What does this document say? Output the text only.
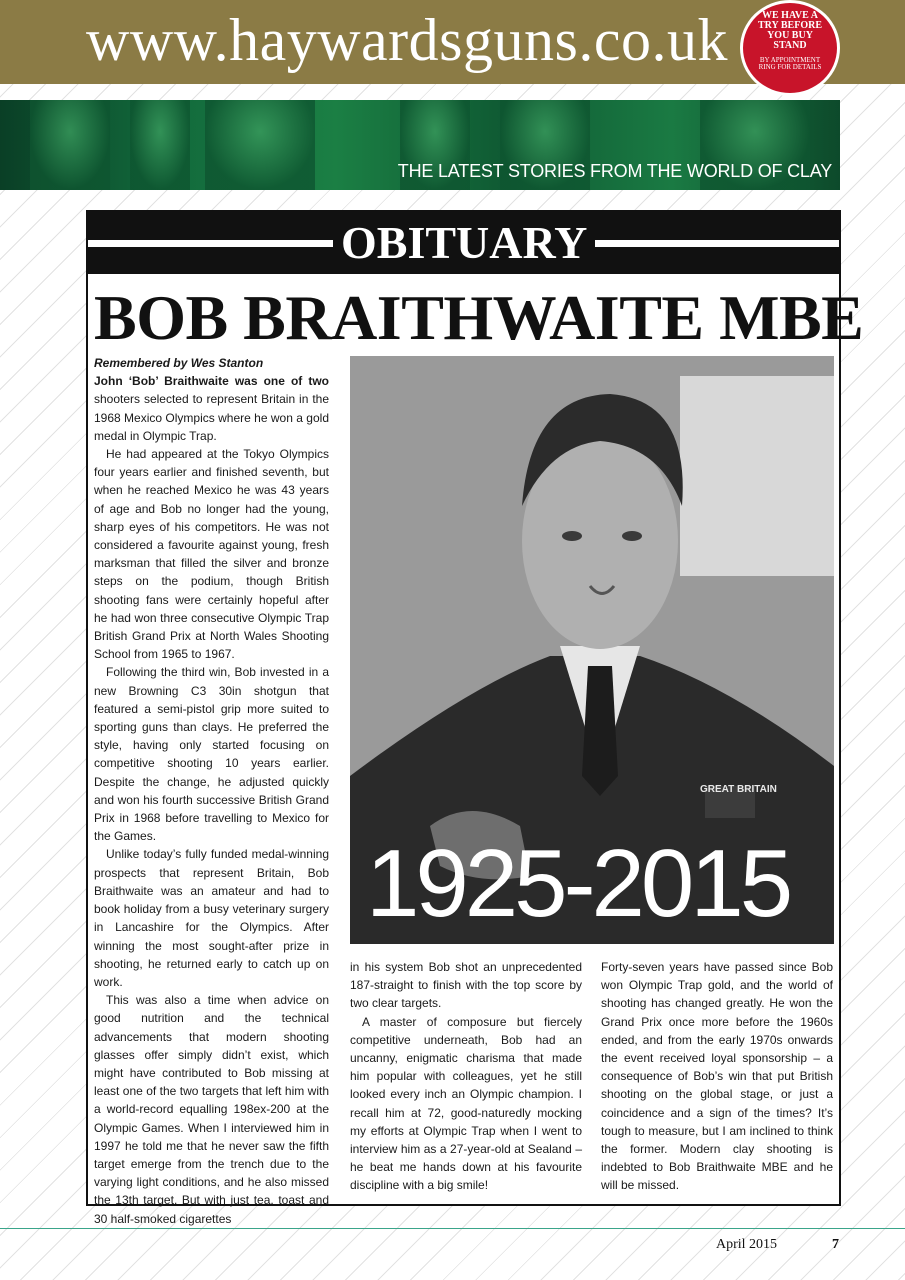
www.haywardsguns.co.uk	WE HAVE A TRY BEFORE YOU BUY STAND
BY APPOINTMENT RING FOR DETAILS
THE LATEST STORIES FROM THE WORLD OF CLAY
OBITUARY
BOB BRAITHWAITE MBE

Remembered by Wes Stanton
John ‘Bob’ Braithwaite was one of two shooters selected to represent Britain in the 1968 Mexico Olympics where he won a gold medal in Olympic Trap.

He had appeared at the Tokyo Olympics four years earlier and finished seventh, but when he reached Mexico he was 43 years of age and Bob no longer had the young, sharp eyes of his competitors. He was not considered a favourite against young, fresh marksman that filled the silver and bronze steps on the podium, though British shooting fans were certainly hopeful after he had won three consecutive Olympic Trap British Grand Prix at North Wales Shooting School from 1965 to 1967.

Following the third win, Bob invested in a new Browning C3 30in shotgun that featured a semi-pistol grip more suited to sporting guns than clays. He preferred the style, having only started focusing on competitive shooting 10 years earlier. Despite the change, he adjusted quickly and won his fourth successive British Grand Prix in 1968 before travelling to Mexico for the Games.

Unlike today’s fully funded medal-winning prospects that represent Britain, Bob Braithwaite was an amateur and had to book holiday from a busy veterinary surgery in Lancashire for the Olympics. After winning the most sought-after prize in shooting, he returned early to catch up on work.

This was also a time when advice on good nutrition and the technical advancements that modern shooting glasses offer simply didn’t exist, which might have contributed to Bob missing at least one of the two targets that left him with a world-record equalling 198ex-200 at the Olympic Games. When I interviewed him in 1997 he told me that he never saw the fifth target emerge from the trench due to the varying light conditions, and he also missed the 13th target. But with just tea, toast and 30 half-smoked cigarettes

GREAT BRITAIN
1925-2015

in his system Bob shot an unprecedented 187-straight to finish with the top score by two clear targets.

A master of composure but fiercely competitive underneath, Bob had an uncanny, enigmatic charisma that made him popular with colleagues, yet he still looked every inch an Olympic champion. I recall him at 72, good-naturedly mocking my efforts at Olympic Trap when I went to interview him as a 27-year-old at Sealand – he beat me hands down at his favourite discipline with a big smile!

Forty-seven years have passed since Bob won Olympic Trap gold, and the world of shooting has changed greatly. He won the Grand Prix once more before the 1960s ended, and from the early 1970s onwards the event received loyal sponsorship – a consequence of Bob’s win that put British shooting on the global stage, or just a coincidence and a sign of the times? It’s tough to measure, but I am inclined to think the former. Modern clay shooting is indebted to Bob Braithwaite MBE and he will be missed.

April 2015	7
